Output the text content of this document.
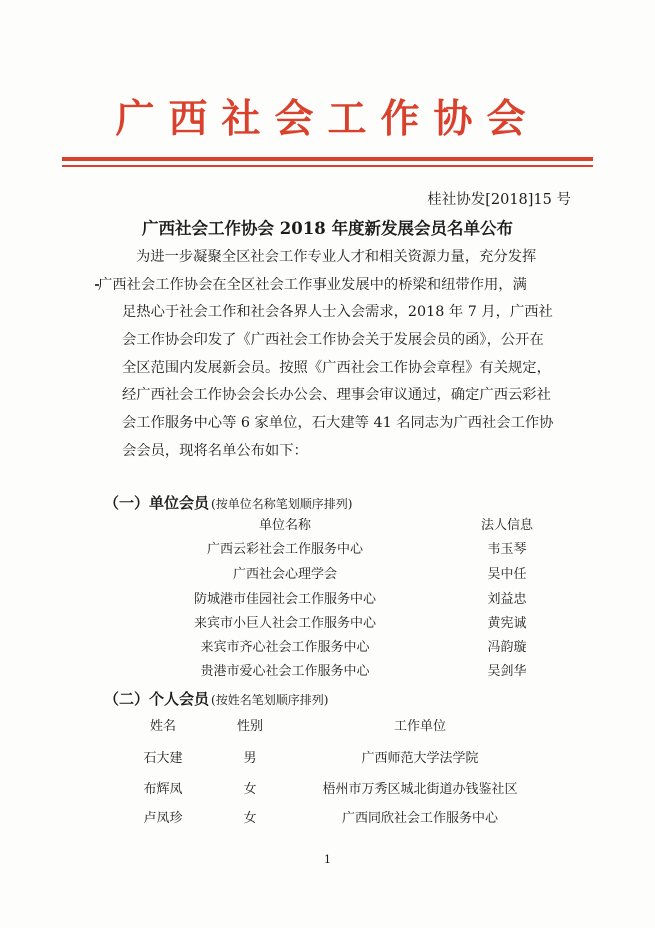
广西社会工作协会
桂社协发[2018]15 号
广西社会工作协会 2018 年度新发展会员名单公布
为进一步凝聚全区社会工作专业人才和相关资源力量，充分发挥
广西社会工作协会在全区社会工作事业发展中的桥梁和纽带作用，满
足热心于社会工作和社会各界人士入会需求，2018 年 7 月，广西社
会工作协会印发了《广西社会工作协会关于发展会员的函》，公开在
全区范围内发展新会员。按照《广西社会工作协会章程》有关规定，
经广西社会工作协会会长办公会、理事会审议通过，确定广西云彩社
会工作服务中心等 6 家单位，石大建等 41 名同志为广西社会工作协
会会员，现将名单公布如下：
（一）单位会员 (按单位名称笔划顺序排列)
单位名称	法人信息
广西云彩社会工作服务中心	韦玉琴
广西社会心理学会	吴中任
防城港市佳园社会工作服务中心	刘益忠
来宾市小巨人社会工作服务中心	黄宪诚
来宾市齐心社会工作服务中心	冯韵璇
贵港市爱心社会工作服务中心	吴剑华
（二）个人会员 (按姓名笔划顺序排列)
姓名	性别	工作单位
石大建	男	广西师范大学法学院
布辉凤	女	梧州市万秀区城北街道办钱鉴社区
卢凤珍	女	广西同欣社会工作服务中心
1
